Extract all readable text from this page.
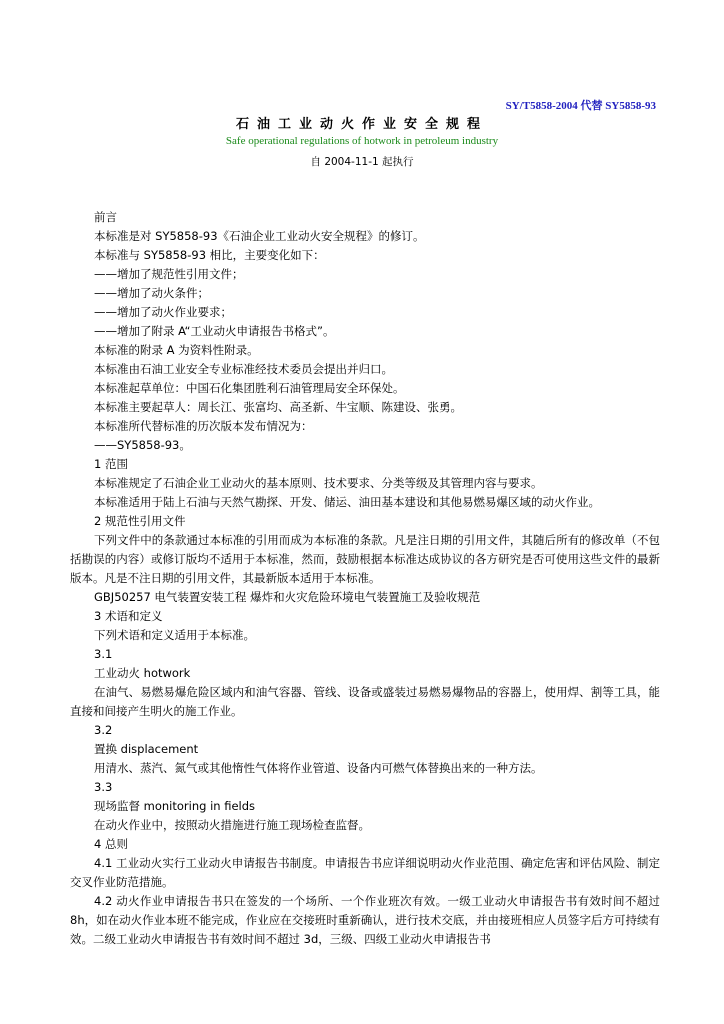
SY/T5858-2004 代替 SY5858-93
石油工业动火作业安全规程
Safe operational regulations of hotwork in petroleum industry
自 2004-11-1 起执行

前言

本标准是对 SY5858-93《石油企业工业动火安全规程》的修订。

本标准与 SY5858-93 相比，主要变化如下：

——增加了规范性引用文件；

——增加了动火条件；

——增加了动火作业要求；

——增加了附录 A“工业动火申请报告书格式”。

本标准的附录 A 为资料性附录。

本标准由石油工业安全专业标准经技术委员会提出并归口。

本标准起草单位：中国石化集团胜利石油管理局安全环保处。

本标准主要起草人：周长江、张富均、高圣新、牛宝顺、陈建设、张勇。

本标准所代替标准的历次版本发布情况为：

——SY5858-93。

1 范围

本标准规定了石油企业工业动火的基本原则、技术要求、分类等级及其管理内容与要求。

本标准适用于陆上石油与天然气勘探、开发、储运、油田基本建设和其他易燃易爆区域的动火作业。

2 规范性引用文件

下列文件中的条款通过本标准的引用而成为本标准的条款。凡是注日期的引用文件，其随后所有的修改单（不包括勘误的内容）或修订版均不适用于本标准，然而，鼓励根据本标准达成协议的各方研究是否可使用这些文件的最新版本。凡是不注日期的引用文件，其最新版本适用于本标准。

GBJ50257 电气装置安装工程 爆炸和火灾危险环境电气装置施工及验收规范

3 术语和定义

下列术语和定义适用于本标准。

3.1

工业动火 hotwork

在油气、易燃易爆危险区域内和油气容器、管线、设备或盛装过易燃易爆物品的容器上，使用焊、割等工具，能直接和间接产生明火的施工作业。

3.2

置换 displacement

用清水、蒸汽、氮气或其他惰性气体将作业管道、设备内可燃气体替换出来的一种方法。

3.3

现场监督 monitoring in fields

在动火作业中，按照动火措施进行施工现场检查监督。

4 总则

4.1 工业动火实行工业动火申请报告书制度。申请报告书应详细说明动火作业范围、确定危害和评估风险、制定交叉作业防范措施。

4.2 动火作业申请报告书只在签发的一个场所、一个作业班次有效。一级工业动火申请报告书有效时间不超过 8h，如在动火作业本班不能完成，作业应在交接班时重新确认，进行技术交底，并由接班相应人员签字后方可持续有效。二级工业动火申请报告书有效时间不超过 3d，三级、四级工业动火申请报告书
